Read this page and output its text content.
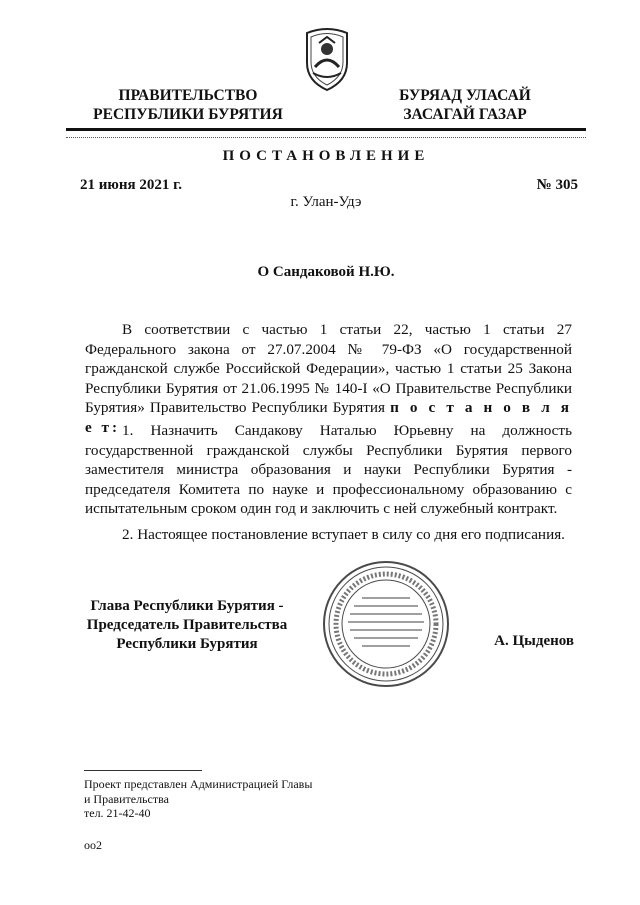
ПРАВИТЕЛЬСТВО
РЕСПУБЛИКИ БУРЯТИЯ
БУРЯАД УЛАСАЙ
ЗАСАГАЙ ГАЗАР
ПОСТАНОВЛЕНИЕ
21 июня 2021 г.	№ 305
г. Улан-Удэ
О Сандаковой Н.Ю.

В соответствии с частью 1 статьи 22, частью 1 статьи 27 Федерального закона от 27.07.2004 № 79-ФЗ «О государственной гражданской службе Российской Федерации», частью 1 статьи 25 Закона Республики Бурятия от 21.06.1995 № 140-I «О Правительстве Республики Бурятия» Правительство Республики Бурятия п о с т а н о в л я е т: 1. Назначить Сандакову Наталью Юрьевну на должность государственной гражданской службы Республики Бурятия первого заместителя министра образования и науки Республики Бурятия - председателя Комитета по науке и профессиональному образованию с испытательным сроком один год и заключить с ней служебный контракт.

2. Настоящее постановление вступает в силу со дня его подписания.

Глава Республики Бурятия -
Председатель Правительства
Республики Бурятия	А. Цыденов
Проект представлен Администрацией Главы
и Правительства
тел. 21-42-40
оо2
